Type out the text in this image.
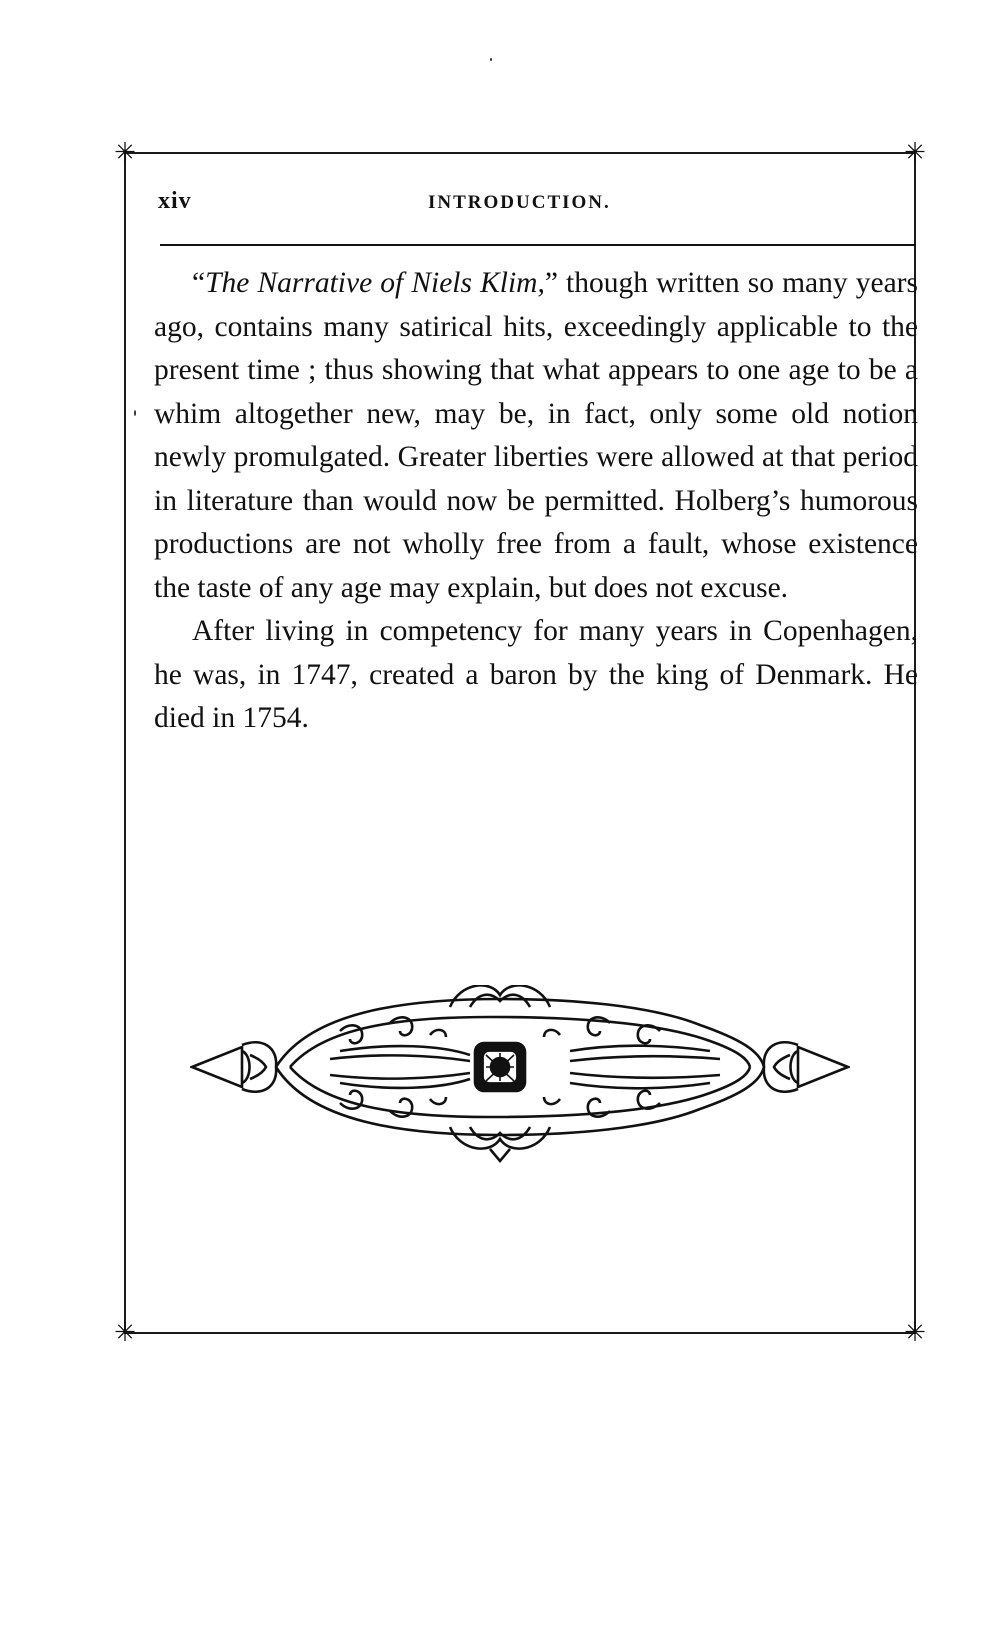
✳	✳
✳	✳
xiv	INTRODUCTION.

“The Narrative of Niels Klim,” though written so many years ago, contains many satirical hits, exceedingly applicable to the present time ; thus showing that what appears to one age to be a whim altogether new, may be, in fact, only some old notion newly promulgated. Greater liberties were allowed at that period in literature than would now be permitted. Holberg’s humorous productions are not wholly free from a fault, whose existence the taste of any age may explain, but does not excuse.

After living in competency for many years in Copenhagen, he was, in 1747, created a baron by the king of Denmark. He died in 1754.
